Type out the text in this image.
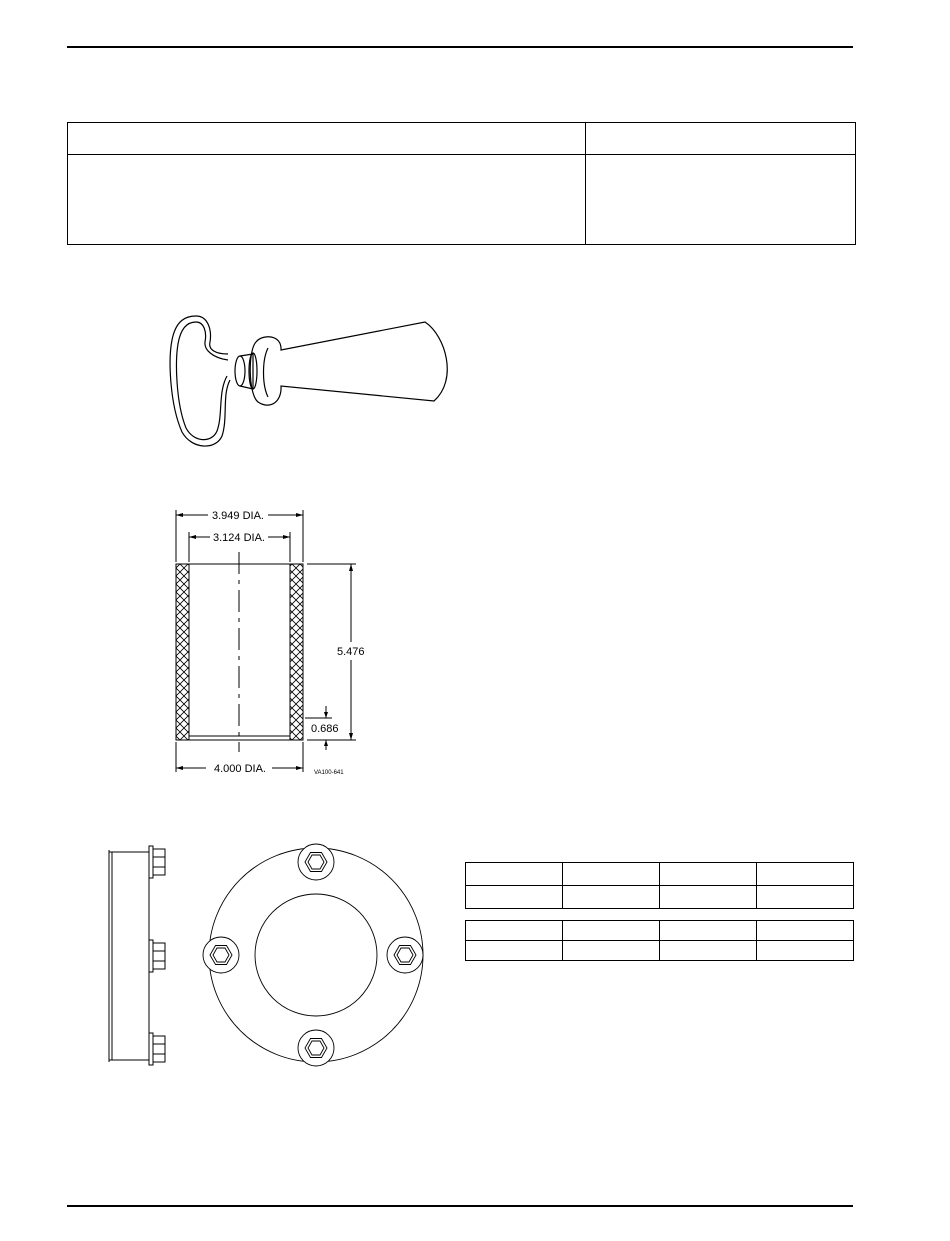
3.949 DIA.
3.124 DIA.
5.476
0.686
4.000 DIA.	VA100-641
